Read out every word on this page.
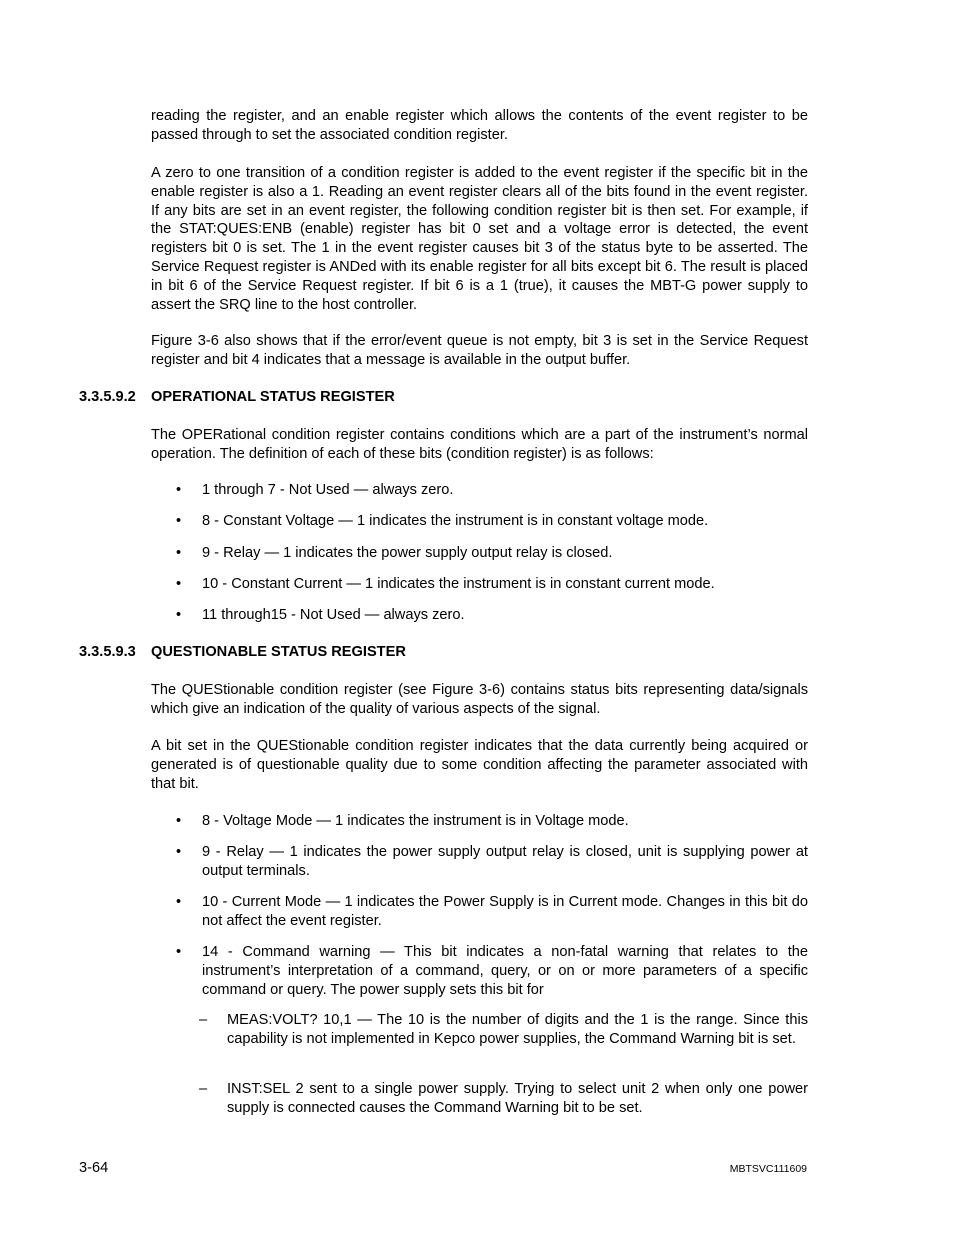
reading the register, and an enable register which allows the contents of the event register to be passed through to set the associated condition register.

A zero to one transition of a condition register is added to the event register if the specific bit in the enable register is also a 1. Reading an event register clears all of the bits found in the event register. If any bits are set in an event register, the following condition register bit is then set. For example, if the STAT:QUES:ENB (enable) register has bit 0 set and a voltage error is detected, the event registers bit 0 is set. The 1 in the event register causes bit 3 of the status byte to be asserted. The Service Request register is ANDed with its enable register for all bits except bit 6. The result is placed in bit 6 of the Service Request register. If bit 6 is a 1 (true), it causes the MBT-G power supply to assert the SRQ line to the host controller.

Figure 3-6 also shows that if the error/event queue is not empty, bit 3 is set in the Service Request register and bit 4 indicates that a message is available in the output buffer.

3.3.5.9.2 OPERATIONAL STATUS REGISTER

The OPERational condition register contains conditions which are a part of the instrument’s normal operation. The definition of each of these bits (condition register) is as follows:

•	1 through 7 - Not Used — always zero.
•	8 - Constant Voltage — 1 indicates the instrument is in constant voltage mode.
•	9 - Relay — 1 indicates the power supply output relay is closed.
•	10 - Constant Current — 1 indicates the instrument is in constant current mode.
•	11 through15 - Not Used — always zero.
3.3.5.9.3 QUESTIONABLE STATUS REGISTER

The QUEStionable condition register (see Figure 3-6) contains status bits representing data/signals which give an indication of the quality of various aspects of the signal.

A bit set in the QUEStionable condition register indicates that the data currently being acquired or generated is of questionable quality due to some condition affecting the parameter associated with that bit.

•	8 - Voltage Mode — 1 indicates the instrument is in Voltage mode.
•	9 - Relay — 1 indicates the power supply output relay is closed, unit is supplying power at output terminals.
•	10 - Current Mode — 1 indicates the Power Supply is in Current mode. Changes in this bit do not affect the event register.
•	14 - Command warning — This bit indicates a non-fatal warning that relates to the instrument’s interpretation of a command, query, or on or more parameters of a specific command or query. The power supply sets this bit for
–	MEAS:VOLT? 10,1 — The 10 is the number of digits and the 1 is the range. Since this capability is not implemented in Kepco power supplies, the Command Warning bit is set.
–	INST:SEL 2 sent to a single power supply. Trying to select unit 2 when only one power supply is connected causes the Command Warning bit to be set.
3-64	MBTSVC111609
